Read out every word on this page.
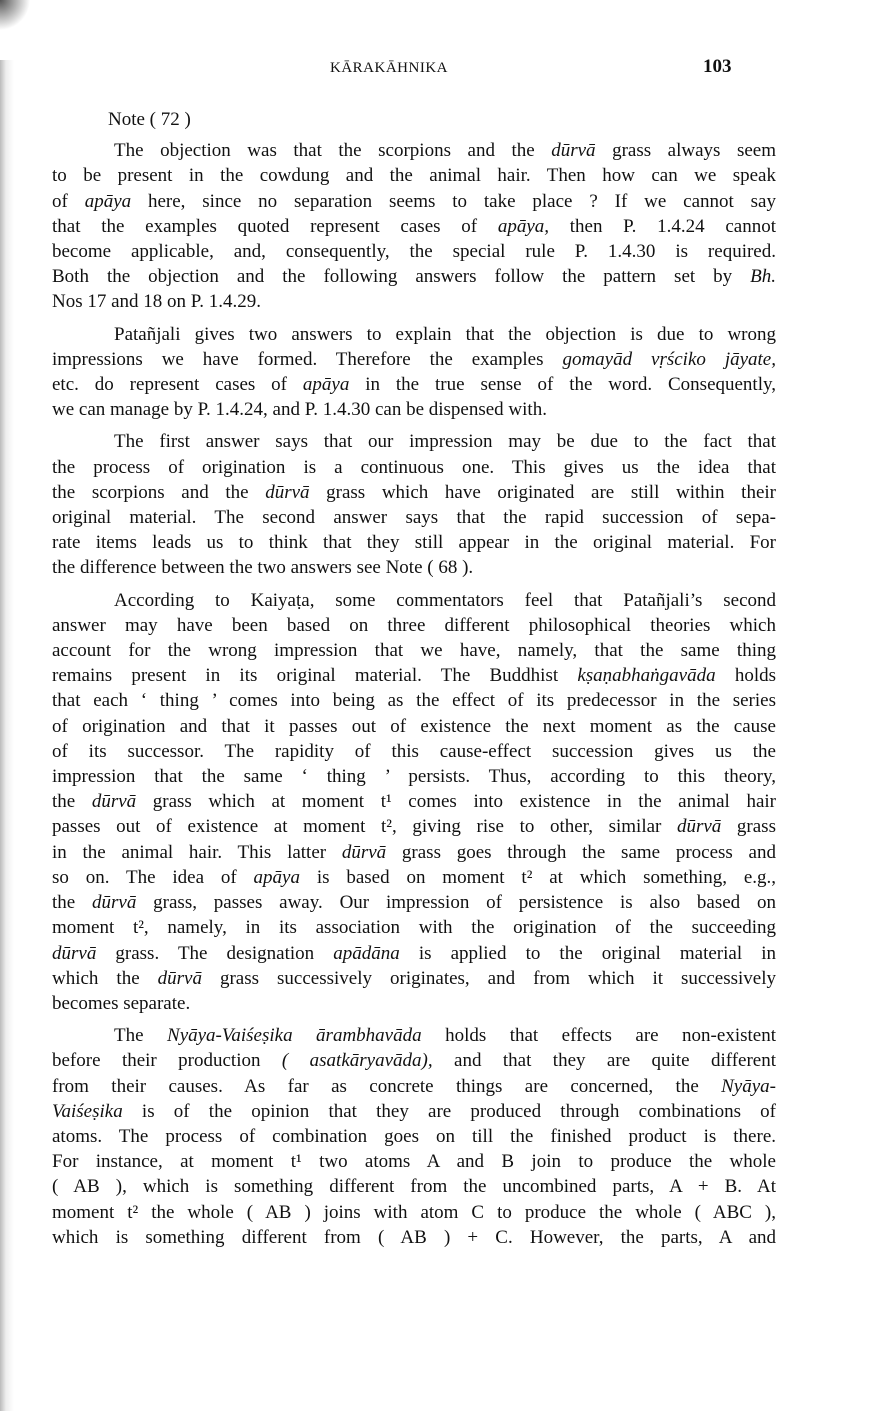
KĀRAKĀHNIKA	103
Note ( 72 )
The objection was that the scorpions and the dūrvā grass always seem
to be present in the cowdung and the animal hair. Then how can we speak
of apāya here, since no separation seems to take place ? If we cannot say
that the examples quoted represent cases of apāya, then P. 1.4.24 cannot
become applicable, and, consequently, the special rule P. 1.4.30 is required.
Both the objection and the following answers follow the pattern set by Bh.
Nos 17 and 18 on P. 1.4.29.
Patañjali gives two answers to explain that the objection is due to wrong
impressions we have formed. Therefore the examples gomayād vṛściko jāyate,
etc. do represent cases of apāya in the true sense of the word. Consequently,
we can manage by P. 1.4.24, and P. 1.4.30 can be dispensed with.
The first answer says that our impression may be due to the fact that
the process of origination is a continuous one. This gives us the idea that
the scorpions and the dūrvā grass which have originated are still within their
original material. The second answer says that the rapid succession of sepa-
rate items leads us to think that they still appear in the original material. For
the difference between the two answers see Note ( 68 ).
According to Kaiyaṭa, some commentators feel that Patañjali’s second
answer may have been based on three different philosophical theories which
account for the wrong impression that we have, namely, that the same thing
remains present in its original material. The Buddhist kṣaṇabhaṅgavāda holds
that each ‘ thing ’ comes into being as the effect of its predecessor in the series
of origination and that it passes out of existence the next moment as the cause
of its successor. The rapidity of this cause-effect succession gives us the
impression that the same ‘ thing ’ persists. Thus, according to this theory,
the dūrvā grass which at moment t¹ comes into existence in the animal hair
passes out of existence at moment t², giving rise to other, similar dūrvā grass
in the animal hair. This latter dūrvā grass goes through the same process and
so on. The idea of apāya is based on moment t² at which something, e.g.,
the dūrvā grass, passes away. Our impression of persistence is also based on
moment t², namely, in its association with the origination of the succeeding
dūrvā grass. The designation apādāna is applied to the original material in
which the dūrvā grass successively originates, and from which it successively
becomes separate.
The Nyāya-Vaiśeṣika ārambhavāda holds that effects are non-existent
before their production ( asatkāryavāda), and that they are quite different
from their causes. As far as concrete things are concerned, the Nyāya-
Vaiśeṣika is of the opinion that they are produced through combinations of
atoms. The process of combination goes on till the finished product is there.
For instance, at moment t¹ two atoms A and B join to produce the whole
( AB ), which is something different from the uncombined parts, A + B. At
moment t² the whole ( AB ) joins with atom C to produce the whole ( ABC ),
which is something different from ( AB ) + C. However, the parts, A and
